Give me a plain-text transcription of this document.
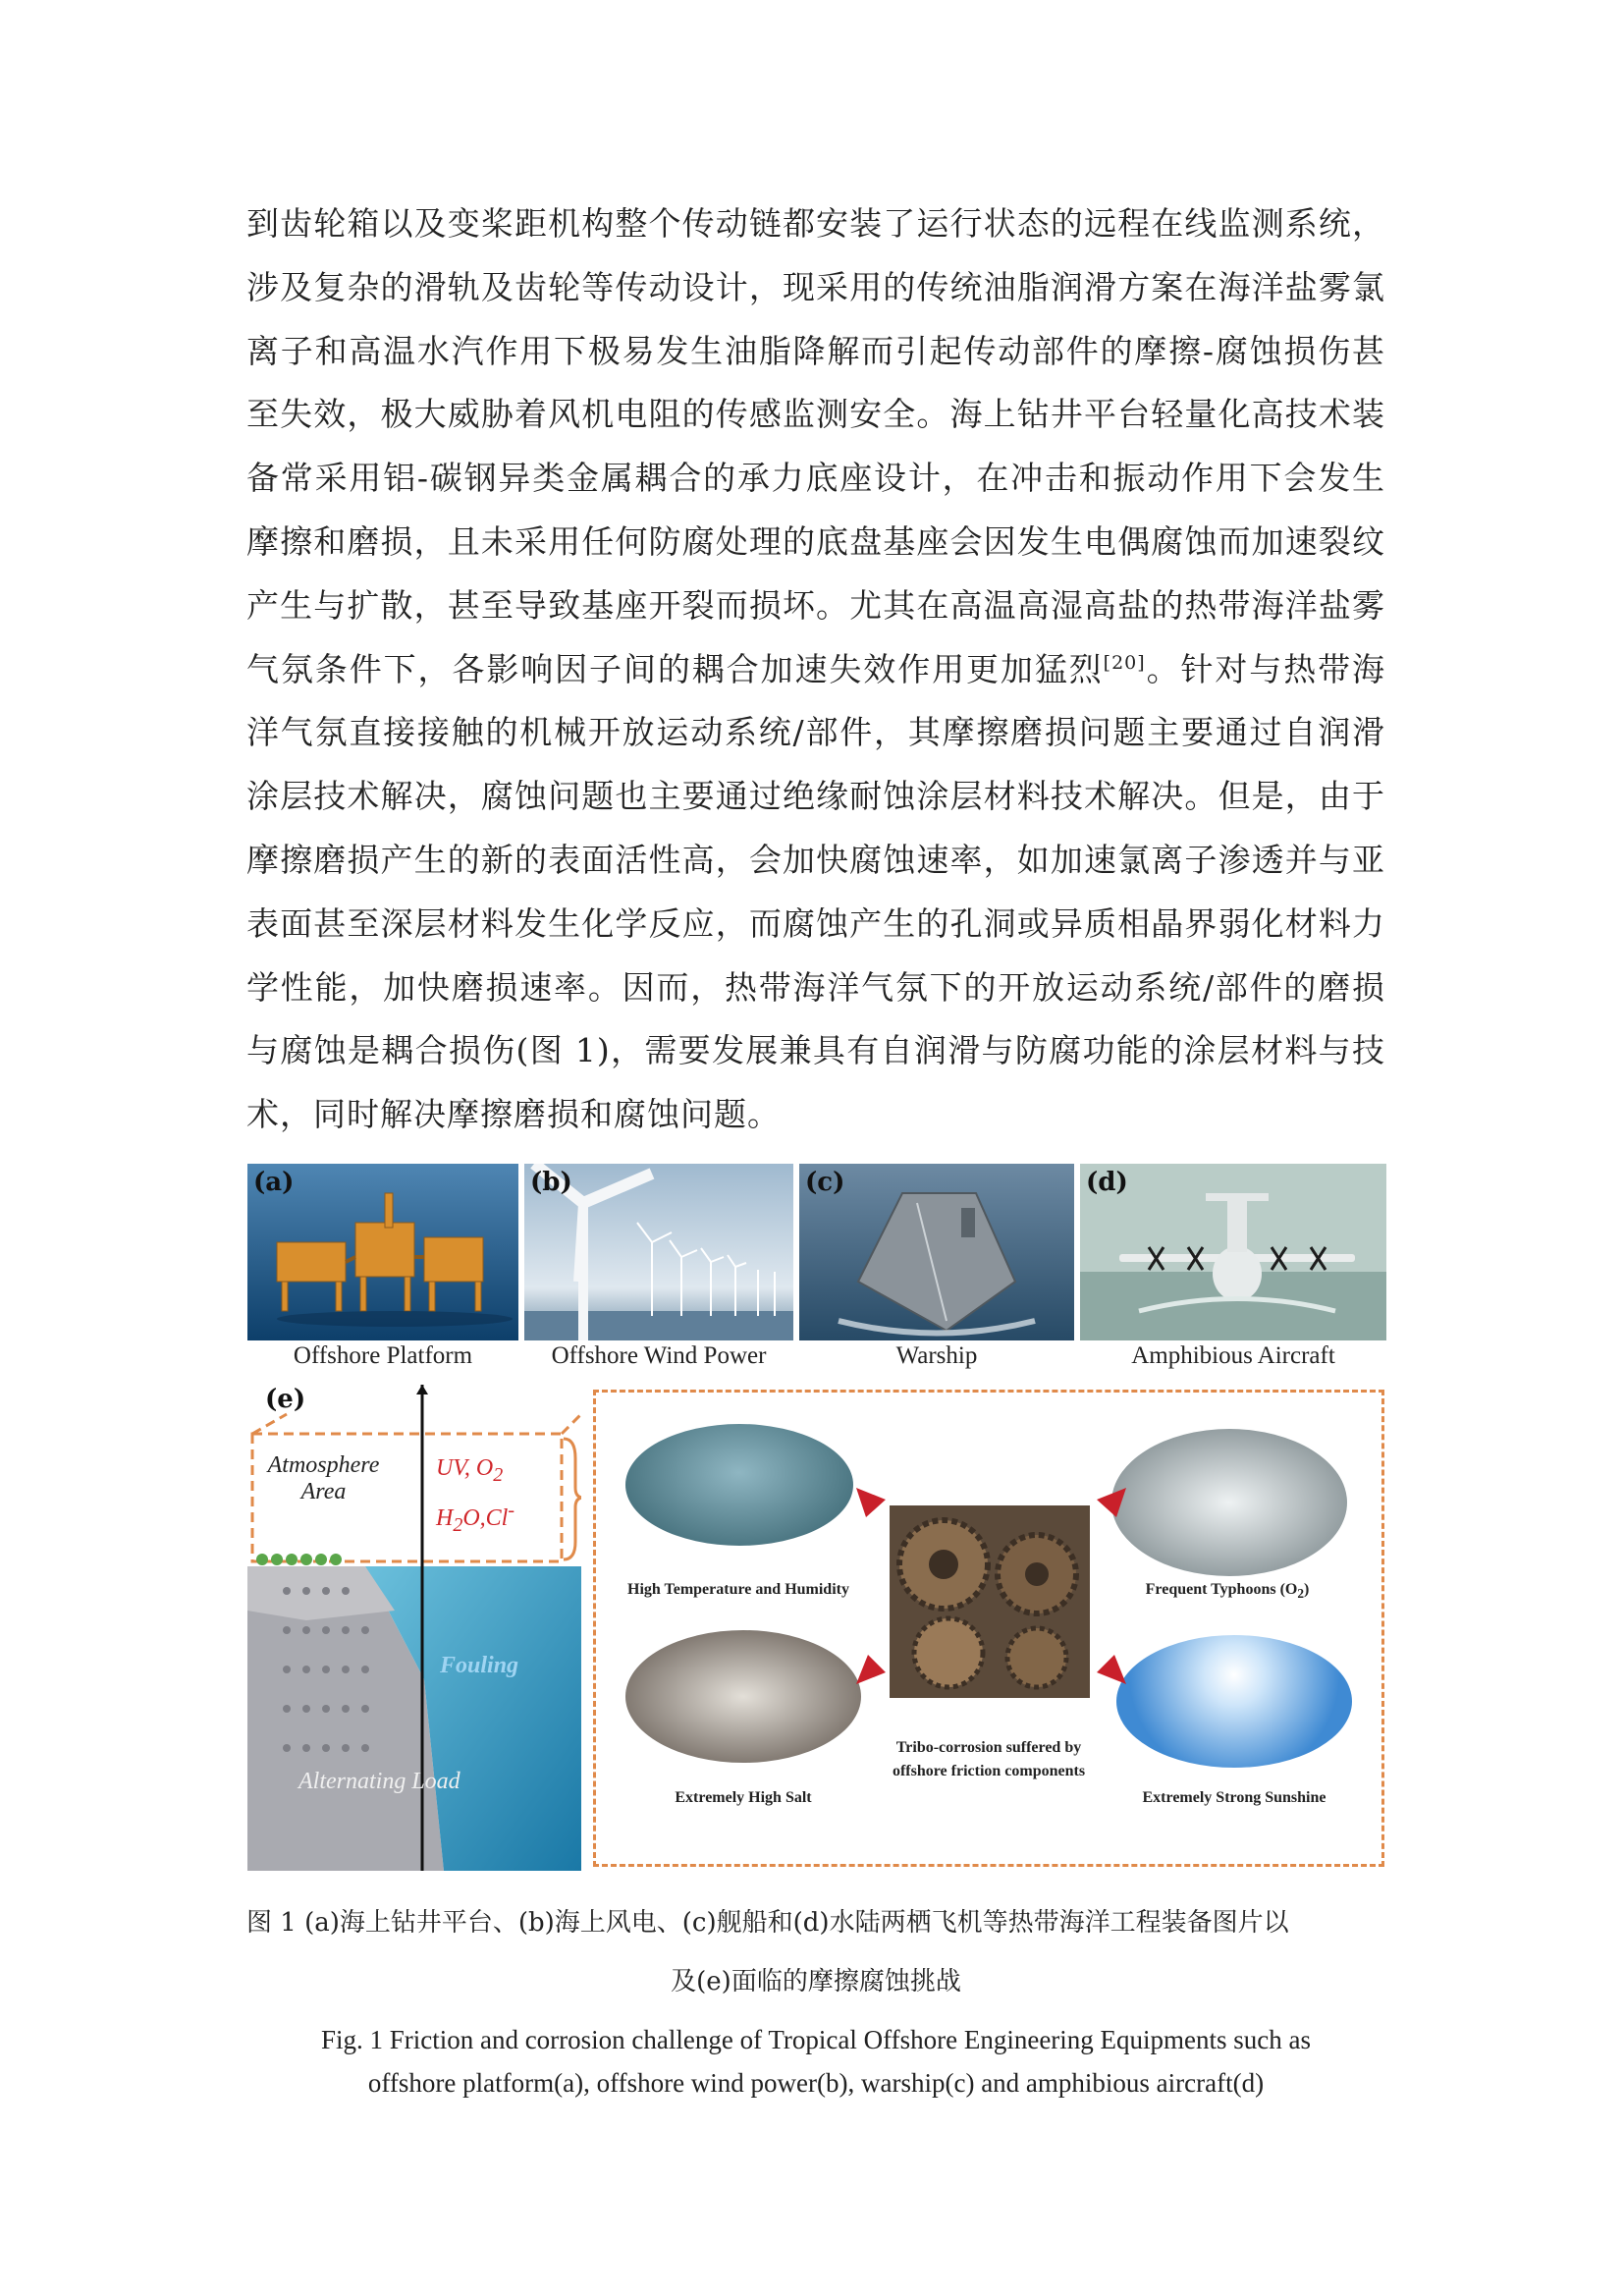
到齿轮箱以及变桨距机构整个传动链都安装了运行状态的远程在线监测系统，涉及复杂的滑轨及齿轮等传动设计，现采用的传统油脂润滑方案在海洋盐雾氯离子和高温水汽作用下极易发生油脂降解而引起传动部件的摩擦-腐蚀损伤甚至失效，极大威胁着风机电阻的传感监测安全。海上钻井平台轻量化高技术装备常采用铝-碳钢异类金属耦合的承力底座设计，在冲击和振动作用下会发生摩擦和磨损，且未采用任何防腐处理的底盘基座会因发生电偶腐蚀而加速裂纹产生与扩散，甚至导致基座开裂而损坏。尤其在高温高湿高盐的热带海洋盐雾气氛条件下，各影响因子间的耦合加速失效作用更加猛烈[20]。针对与热带海洋气氛直接接触的机械开放运动系统/部件，其摩擦磨损问题主要通过自润滑涂层技术解决，腐蚀问题也主要通过绝缘耐蚀涂层材料技术解决。但是，由于摩擦磨损产生的新的表面活性高，会加快腐蚀速率，如加速氯离子渗透并与亚表面甚至深层材料发生化学反应，而腐蚀产生的孔洞或异质相晶界弱化材料力学性能，加快磨损速率。因而，热带海洋气氛下的开放运动系统/部件的磨损与腐蚀是耦合损伤(图 1)，需要发展兼具有自润滑与防腐功能的涂层材料与技术，同时解决摩擦磨损和腐蚀问题。

(a)
Offshore Platform
(b)
Offshore Wind Power
(c)
Warship
(d)
Amphibious Aircraft
(e)
Atmosphere
Area
UV, $O_2$
$H_2O,Cl^-$
Fouling
Alternating Load
High Temperature and Humidity	Frequent Typhoons $(O_2)$
Extremely High Salt	Extremely Strong Sunshine
Tribo-corrosion suffered by
offshore friction components
图 1 (a)海上钻井平台、(b)海上风电、(c)舰船和(d)水陆两栖飞机等热带海洋工程装备图片以
及(e)面临的摩擦腐蚀挑战
Fig. 1 Friction and corrosion challenge of Tropical Offshore Engineering Equipments such as
offshore platform(a), offshore wind power(b), warship(c) and amphibious aircraft(d)
